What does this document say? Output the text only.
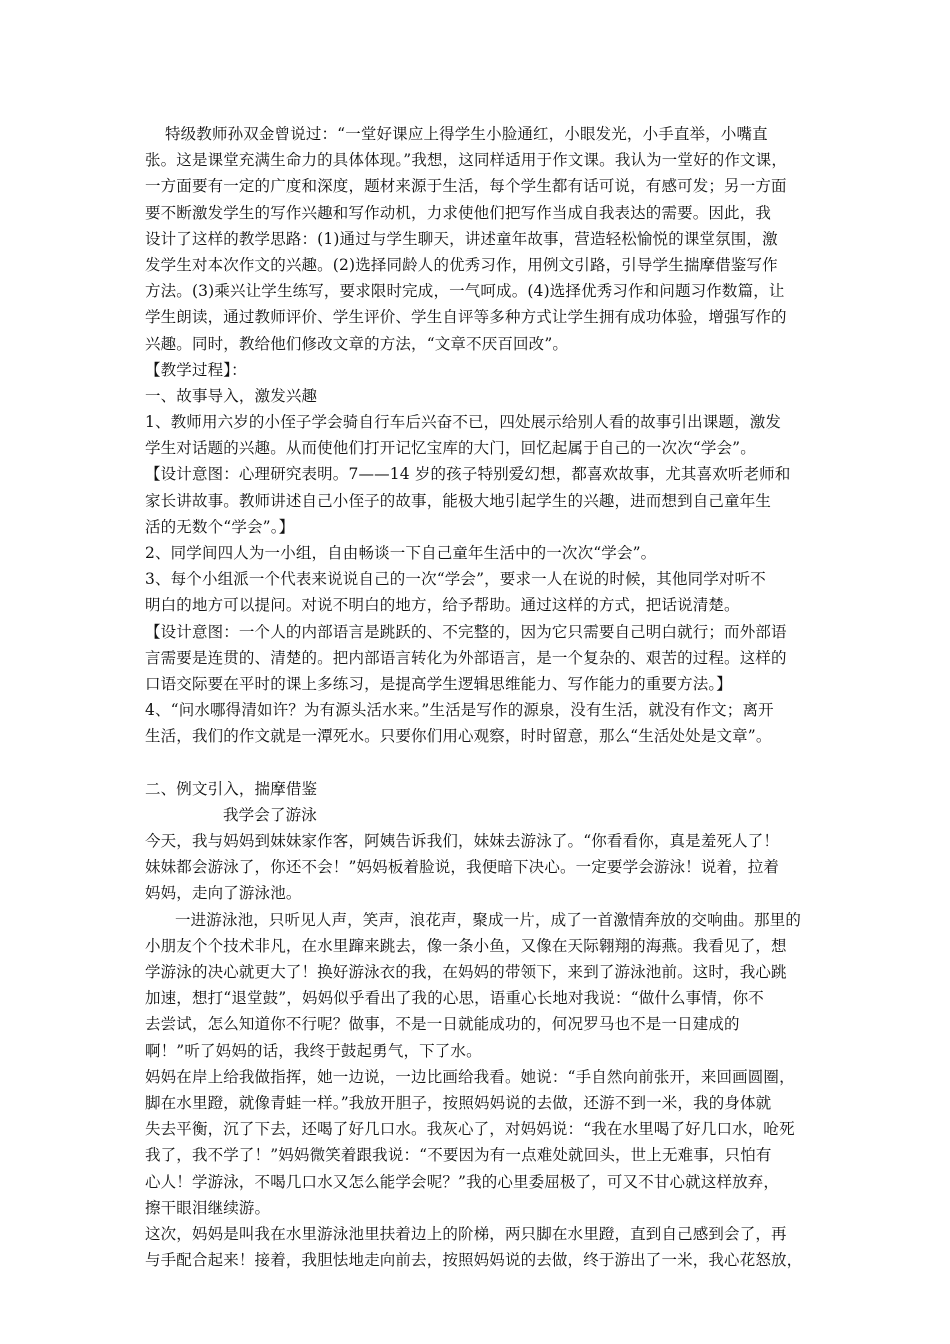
特级教师孙双金曾说过：“一堂好课应上得学生小脸通红，小眼发光，小手直举，小嘴直
张。这是课堂充满生命力的具体体现。”我想，这同样适用于作文课。我认为一堂好的作文课，
一方面要有一定的广度和深度，题材来源于生活，每个学生都有话可说，有感可发；另一方面
要不断激发学生的写作兴趣和写作动机，力求使他们把写作当成自我表达的需要。因此，我
设计了这样的教学思路：(1)通过与学生聊天，讲述童年故事，营造轻松愉悦的课堂氛围，激
发学生对本次作文的兴趣。(2)选择同龄人的优秀习作，用例文引路，引导学生揣摩借鉴写作
方法。(3)乘兴让学生练写，要求限时完成，一气呵成。(4)选择优秀习作和问题习作数篇，让
学生朗读，通过教师评价、学生评价、学生自评等多种方式让学生拥有成功体验，增强写作的
兴趣。同时，教给他们修改文章的方法，“文章不厌百回改”。
【教学过程】：
一、故事导入，激发兴趣
1、教师用六岁的小侄子学会骑自行车后兴奋不已，四处展示给别人看的故事引出课题，激发
学生对话题的兴趣。从而使他们打开记忆宝库的大门，回忆起属于自己的一次次“学会”。
【设计意图：心理研究表明。7——14 岁的孩子特别爱幻想，都喜欢故事，尤其喜欢听老师和
家长讲故事。教师讲述自己小侄子的故事，能极大地引起学生的兴趣，进而想到自己童年生
活的无数个“学会”。】
2、同学间四人为一小组，自由畅谈一下自己童年生活中的一次次“学会”。
3、每个小组派一个代表来说说自己的一次“学会”，要求一人在说的时候，其他同学对听不
明白的地方可以提问。对说不明白的地方，给予帮助。通过这样的方式，把话说清楚。
【设计意图：一个人的内部语言是跳跃的、不完整的，因为它只需要自己明白就行；而外部语
言需要是连贯的、清楚的。把内部语言转化为外部语言，是一个复杂的、艰苦的过程。这样的
口语交际要在平时的课上多练习，是提高学生逻辑思维能力、写作能力的重要方法。】
4、“问水哪得清如许？为有源头活水来。”生活是写作的源泉，没有生活，就没有作文；离开
生活，我们的作文就是一潭死水。只要你们用心观察，时时留意，那么“生活处处是文章”。
二、例文引入，揣摩借鉴
我学会了游泳
今天，我与妈妈到妹妹家作客，阿姨告诉我们，妹妹去游泳了。“你看看你，真是羞死人了！
妹妹都会游泳了，你还不会！”妈妈板着脸说，我便暗下决心。一定要学会游泳！说着，拉着
妈妈，走向了游泳池。
一进游泳池，只听见人声，笑声，浪花声，聚成一片，成了一首激情奔放的交响曲。那里的
小朋友个个技术非凡，在水里蹿来跳去，像一条小鱼，又像在天际翱翔的海燕。我看见了，想
学游泳的决心就更大了！换好游泳衣的我，在妈妈的带领下，来到了游泳池前。这时，我心跳
加速，想打“退堂鼓”，妈妈似乎看出了我的心思，语重心长地对我说：“做什么事情，你不
去尝试，怎么知道你不行呢？做事，不是一日就能成功的，何况罗马也不是一日建成的
啊！”听了妈妈的话，我终于鼓起勇气，下了水。
妈妈在岸上给我做指挥，她一边说，一边比画给我看。她说：“手自然向前张开，来回画圆圈，
脚在水里蹬，就像青蛙一样。”我放开胆子，按照妈妈说的去做，还游不到一米，我的身体就
失去平衡，沉了下去，还喝了好几口水。我灰心了，对妈妈说：“我在水里喝了好几口水，呛死
我了，我不学了！”妈妈微笑着跟我说：“不要因为有一点难处就回头，世上无难事，只怕有
心人！学游泳，不喝几口水又怎么能学会呢？”我的心里委屈极了，可又不甘心就这样放弃，
擦干眼泪继续游。
这次，妈妈是叫我在水里游泳池里扶着边上的阶梯，两只脚在水里蹬，直到自己感到会了，再
与手配合起来！接着，我胆怯地走向前去，按照妈妈说的去做，终于游出了一米，我心花怒放，
